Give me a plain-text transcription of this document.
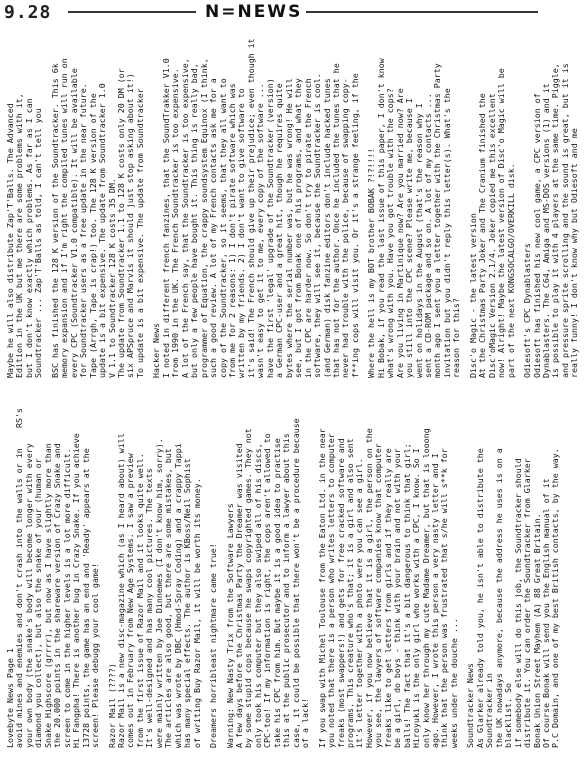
9.28	N=NEWS
Lovebyte News Page 1
RS's
avoid mines and enemies and don't crash into the walls or in
your own body (the snake's body will become longer with every
diamond you collect), but also the snake of your (human or
Snake Highscore (grrrr), but now as I have slightly more than
the 20.000 points in the shareware version of Crazy Snake and
screen to come in the higher levels is a lot more difficult.
Hi Fangpha! There is another bug in Crazy Snake. If you achieve
13728 points, the game has an end and 'Ready' appears at the
screen! Please debugg your cool game!
Razor Mail (????) Razor Mail is a new disc-magazine which (as I heard about) will
comes out in February from New Age Systems. I saw a preview
from the first issue of Razor Mail and it looks quite well.
It's well-designed and has many cool pictures. The texts
were mainly written by Joe Dinnemes (I don't know him, sorry).
The articles are also good, but there are some mistakes, but
which was wrote by DBC (Hmod-Spray Coding) and a crappy Tappi
has many special effects. The author is KBoss/Neil Sophist
of writing Buy Razor Mail, it will be worth its money.
Dreamers horribleast nightmare came true! Warning: New Nasty Trix from the Software Lawyers A few days before the Christmas Party the Dreamer was visited
by some stupid cops because he swaps copyrighted games. They not
only took his computer but they also swiped all of his discs,
CPC-too! If my information is right, the cops aren't allowed to
take his CPC from him. But maybe it is a good idea to practise
this at the public prosecutor and to inform a lawyer about this
case, it could be possible that there won't be a procedure because
of a lack!
If you swap with Michel Toulouse from the Eaton Ltd. in the near
you noted that there is a person who writes letters to computer
freaks (most swappers!) and gets for free cracked software and
programs. This creature who's that; it is a girl and also sent
it's letter together with a photo were you can see a girl.
However, if you now believe that it is a girl, the person on the
you see, the lawyers of software companies know that computer
freaks like to get letters from girls and if they really are
be a girl, do boys - think with your brain and not with your
balls! The fact that it's a bit dangerous to think that girl;
Hiroyuki is the only girl who works with a CPC, I know. So I
only know her through my cute Madame Dreamer, but that is looong
ago. However, I wrote this person a very nasty letter and I
think that the person was frustrated that s/he will s**k for
weeks under the douche ...
Soundtracker News As Glarker already told you, he isn't able to distribute the Soundtracker in
the UK nowadays anymore, because the address he uses is on a blacklist. So
if somebody else will do this job, the Soundtracker should
distribute it. You can order the Soundtracker from Glarker
Bonak Union Street Mayhem (A) 88 Great Britain.
Of course Bonak will send you the English manual of it
P.C Domain, and one of my best British contacts, by the way.
Maybe he will also distribute Zap'T'Balls. The Advanced
Edition in the UK but me there are some problems with it,
but I don't know exactly which problems. As far as I can
Soundtracker ... Zap'T'Balls as told, I can't tell you
BSC has finished the 128 K version of the Soundtracker. This 6k
memory expansion and if I'm right the compiled tunes will run on
every CPC (Soundtracker V1.0 compatible). It will be available
for Soundtracker users as a free update in the near future.
Tape (Arrgh, Tape is crap!) too. The 128 K version of the
update is a bit expensive. The update from Soundtracker 1.0
V 1.1 to Soundtracker 128 K costs 35 DM.
The update from Soundtracker 1.1 to 128 K costs only 20 DM (or
six APSpruce and Marvis it should just stop asking about it!)
To update is a bit expensive. The update from Soundtracker
Hacker News I noted in different french fanzines, that the SoundTrakker V1.0
from 1990 in the UK. The French Soundtracker is too expensive.
A lot of the French say, that the Soundtracker is too expensive,
but only a few people have bought it. This thing is really bad,
programmer of Equation, the crappy soundsystem Equinox (I think,
such a good review. A lot of my French contacts ask me for a
copy of the Soundtracker, so it seems, that they all want to
from me for 2 reasons: 1) I don't pirate software which was
written by my friends. 2) I don't want to give software to
it's said! The French should give up their prejudice; even though it
wasn't easy to get it to me, every copy of the software ...
have the first 'legal' upgrade of the Soundtracker (version)
a German CPC-user and a great hit, though he requires quite
bytes where the serial number was, but he was wrong! He will
see, but I got from Bonak one of his programs, and what they
in the CPC are harder now. So don't try to pirate the French
software, they will see it, because the Soundtracker is cool.
(and German) disk fanzine editors don't include hacked tunes
that has not for the author. Once he included the tunes that he
never had trouble with the police, because of swapping copy-
f**ing cops will visit you. Or it's a strange feeling, if the
Where the hell is my BOT brother BOBAK ?!?!!!! Hi Bobak, if you read the last issue of this paper, I don't know
what's wrong with you. Have you got trouble with the cops?
Are you living in Martinique now? Are you married now? Are
you still into the CPC scene? Please write me, because I
went on holidays in the August (that's the reason why I
sent a CD-ROM package and so on. A lot of my contacts ...
month ago I sent you a letter together with the Christmas Party
invitation but you didn't reply this letter(s). What's the
reason for this? Disc'o Magic - the latest version At the Christmas Party Joker and The Cranium finished the
Disc'oMagic Version 2.1/4. Joker copied me this excellent
now! Alright! Maybe the latest version of Disc'o Magic will be
part of the next KONGSOCALGO/OVERKILL disk.
Odiesoft's CPC Dynablasters Odiesoft has finished his new cool game, a CPC version of
Dynablasters. The C64, Amiga and MS-DOS versions (1) and it
is possible to play it with 4 players at the same time. Piggle,
and pressure sprite scrolling and the sound is great, but it is
really funny! I don't know why but Odiesoft and me
